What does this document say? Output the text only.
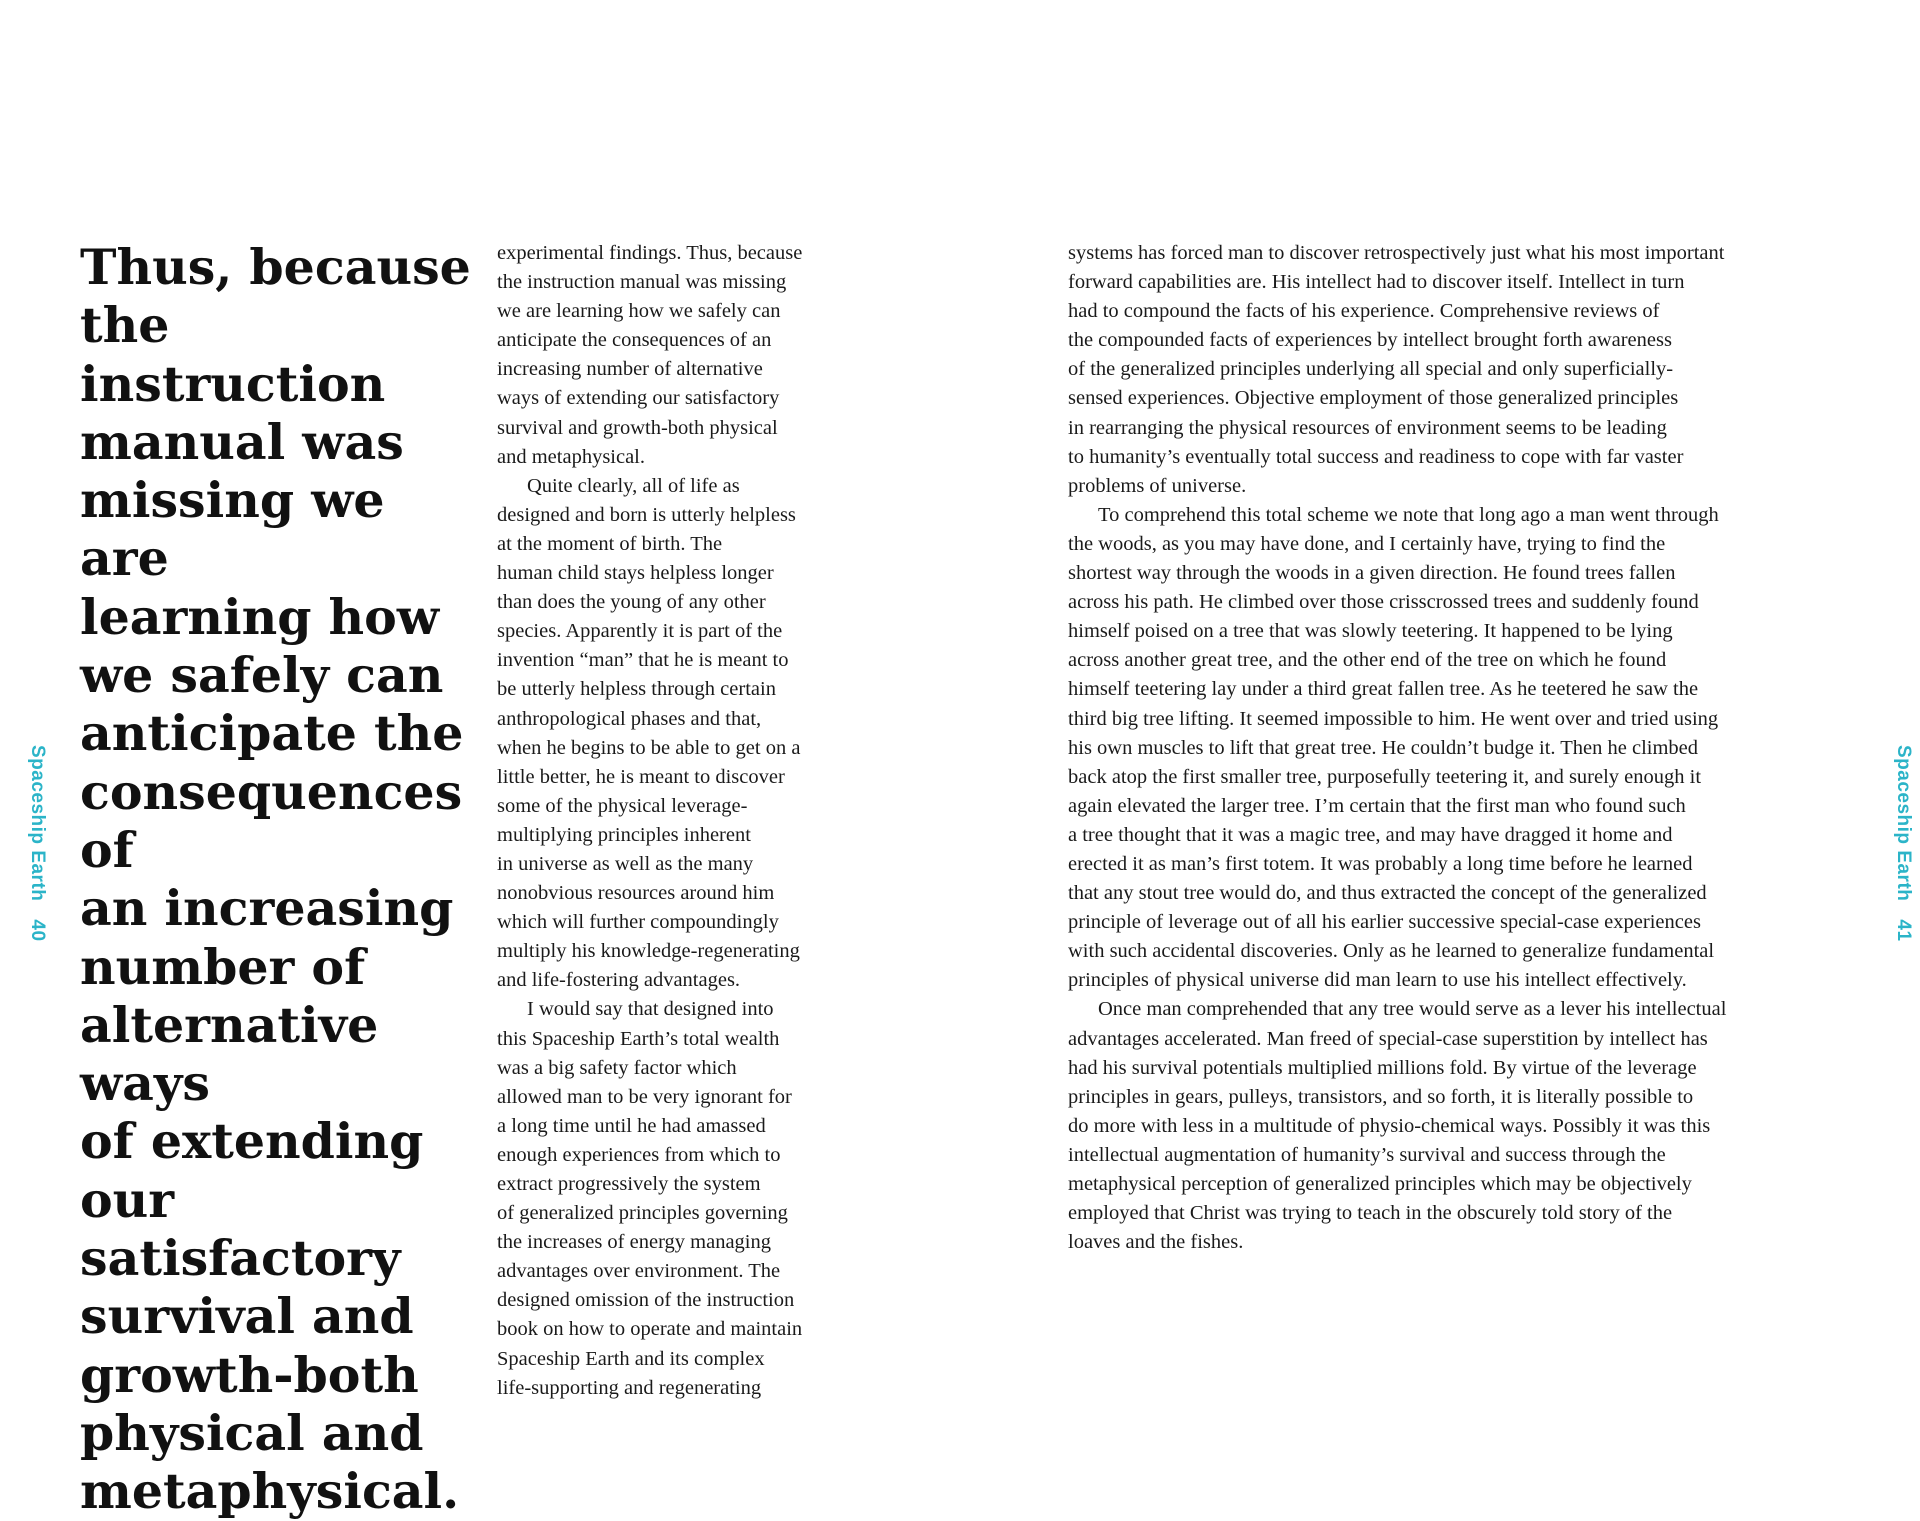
Spaceship Earth40
Thus, because
the instruction
manual was
missing we are
learning how
we safely can
anticipate the
consequences of
an increasing
number of
alternative ways
of extending
our satisfactory
survival and
growth-both
physical and
metaphysical.

experimental findings. Thus, because
the instruction manual was missing
we are learning how we safely can
anticipate the consequences of an
increasing number of alternative
ways of extending our satisfactory
survival and growth-both physical
and metaphysical.

Quite clearly, all of life as
designed and born is utterly helpless
at the moment of birth. The
human child stays helpless longer
than does the young of any other
species. Apparently it is part of the
invention “man” that he is meant to
be utterly helpless through certain
anthropological phases and that,
when he begins to be able to get on a
little better, he is meant to discover
some of the physical leverage-
multiplying principles inherent
in universe as well as the many
nonobvious resources around him
which will further compoundingly
multiply his knowledge-regenerating
and life-fostering advantages.

I would say that designed into
this Spaceship Earth’s total wealth
was a big safety factor which
allowed man to be very ignorant for
a long time until he had amassed
enough experiences from which to
extract progressively the system
of generalized principles governing
the increases of energy managing
advantages over environment. The
designed omission of the instruction
book on how to operate and maintain
Spaceship Earth and its complex
life-supporting and regenerating

systems has forced man to discover retrospectively just what his most important
forward capabilities are. His intellect had to discover itself. Intellect in turn
had to compound the facts of his experience. Comprehensive reviews of
the compounded facts of experiences by intellect brought forth awareness
of the generalized principles underlying all special and only superficially-
sensed experiences. Objective employment of those generalized principles
in rearranging the physical resources of environment seems to be leading
to humanity’s eventually total success and readiness to cope with far vaster
problems of universe.

To comprehend this total scheme we note that long ago a man went through
the woods, as you may have done, and I certainly have, trying to find the
shortest way through the woods in a given direction. He found trees fallen
across his path. He climbed over those crisscrossed trees and suddenly found
himself poised on a tree that was slowly teetering. It happened to be lying
across another great tree, and the other end of the tree on which he found
himself teetering lay under a third great fallen tree. As he teetered he saw the
third big tree lifting. It seemed impossible to him. He went over and tried using
his own muscles to lift that great tree. He couldn’t budge it. Then he climbed
back atop the first smaller tree, purposefully teetering it, and surely enough it
again elevated the larger tree. I’m certain that the first man who found such
a tree thought that it was a magic tree, and may have dragged it home and
erected it as man’s first totem. It was probably a long time before he learned
that any stout tree would do, and thus extracted the concept of the generalized
principle of leverage out of all his earlier successive special-case experiences
with such accidental discoveries. Only as he learned to generalize fundamental
principles of physical universe did man learn to use his intellect effectively.

Once man comprehended that any tree would serve as a lever his intellectual
advantages accelerated. Man freed of special-case superstition by intellect has
had his survival potentials multiplied millions fold. By virtue of the leverage
principles in gears, pulleys, transistors, and so forth, it is literally possible to
do more with less in a multitude of physio-chemical ways. Possibly it was this
intellectual augmentation of humanity’s survival and success through the
metaphysical perception of generalized principles which may be objectively
employed that Christ was trying to teach in the obscurely told story of the
loaves and the fishes.

Spaceship Earth41
